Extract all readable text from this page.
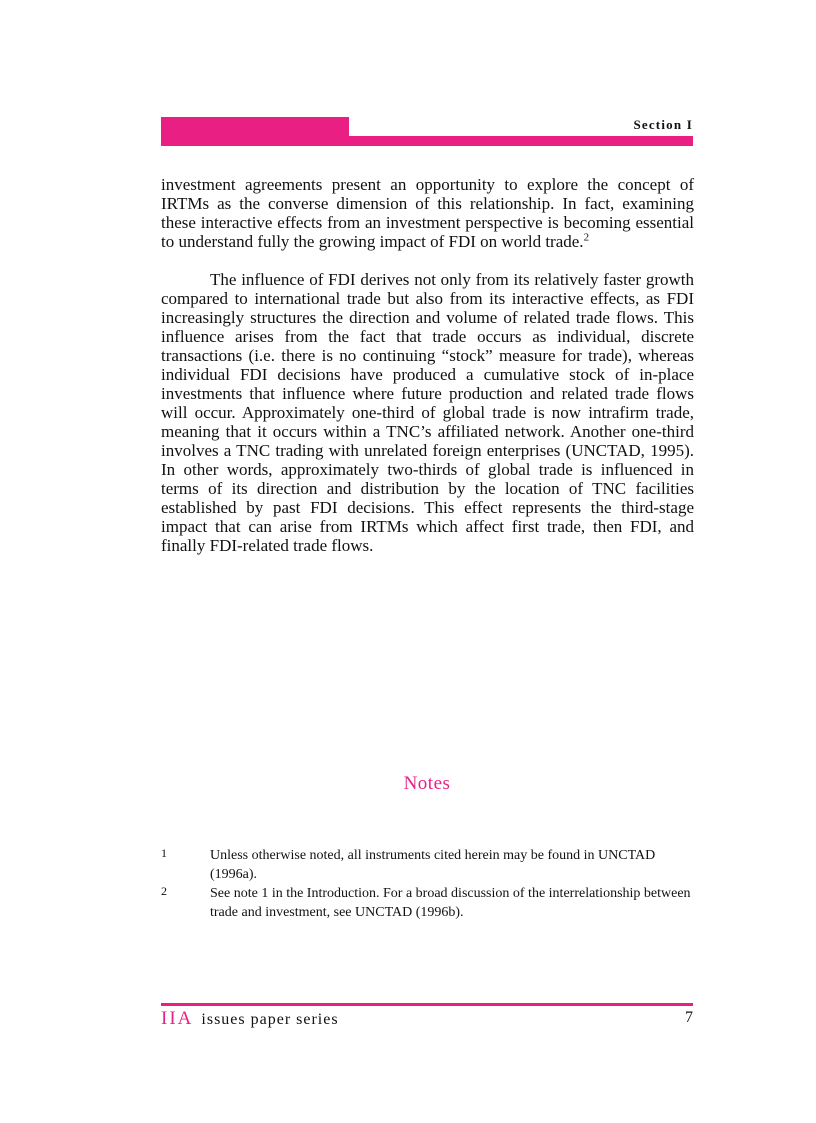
Section I

investment agreements present an opportunity to explore the concept of IRTMs as the converse dimension of this relationship. In fact, examining these interactive effects from an investment perspective is becoming essential to understand fully the growing impact of FDI on world trade.$^2$

The influence of FDI derives not only from its relatively faster growth compared to international trade but also from its interactive effects, as FDI increasingly structures the direction and volume of related trade flows. This influence arises from the fact that trade occurs as individual, discrete transactions (i.e. there is no continuing “stock” measure for trade), whereas individual FDI decisions have produced a cumulative stock of in-place investments that influence where future production and related trade flows will occur. Approximately one-third of global trade is now intrafirm trade, meaning that it occurs within a TNC’s affiliated network. Another one-third involves a TNC trading with unrelated foreign enterprises (UNCTAD, 1995). In other words, approximately two-thirds of global trade is influenced in terms of its direction and distribution by the location of TNC facilities established by past FDI decisions. This effect represents the third-stage impact that can arise from IRTMs which affect first trade, then FDI, and finally FDI-related trade flows.

Notes
1	Unless otherwise noted, all instruments cited herein may be found in UNCTAD (1996a).
2	See note 1 in the Introduction. For a broad discussion of the interrelationship between trade and investment, see UNCTAD (1996b).
IIA issues paper series	7
